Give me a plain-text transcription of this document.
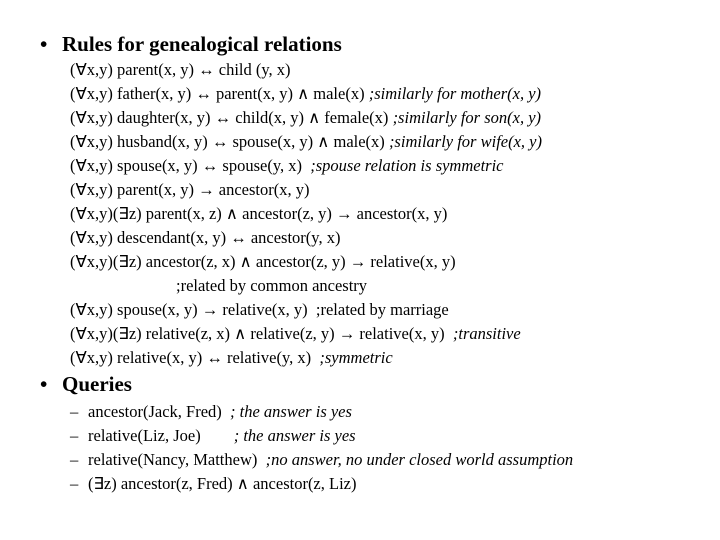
• Rules for genealogical relations
(∀x,y) parent(x, y) ↔ child (y, x)
(∀x,y) father(x, y) ↔ parent(x, y) ∧ male(x) ;similarly for mother(x, y)
(∀x,y) daughter(x, y) ↔ child(x, y) ∧ female(x) ;similarly for son(x, y)
(∀x,y) husband(x, y) ↔ spouse(x, y) ∧ male(x) ;similarly for wife(x, y)
(∀x,y) spouse(x, y) ↔ spouse(y, x)  ;spouse relation is symmetric
(∀x,y) parent(x, y) → ancestor(x, y)
(∀x,y)(∃z) parent(x, z) ∧ ancestor(z, y) → ancestor(x, y)
(∀x,y) descendant(x, y) ↔ ancestor(y, x)
(∀x,y)(∃z) ancestor(z, x) ∧ ancestor(z, y) → relative(x, y)
;related by common ancestry
(∀x,y) spouse(x, y) → relative(x, y)  ;related by marriage
(∀x,y)(∃z) relative(z, x) ∧ relative(z, y) → relative(x, y)  ;transitive
(∀x,y) relative(x, y) ↔ relative(y, x)  ;symmetric
• Queries
– ancestor(Jack, Fred)  ; the answer is yes
– relative(Liz, Joe)        ; the answer is yes
– relative(Nancy, Matthew)  ;no answer, no under closed world assumption
– (∃z) ancestor(z, Fred) ∧ ancestor(z, Liz)
